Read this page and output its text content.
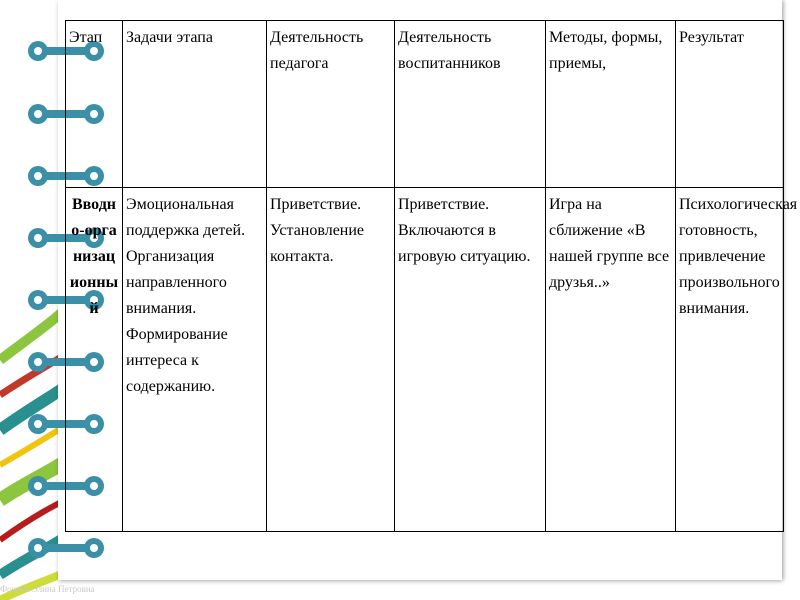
Этап	Задачи этапа	Деятельность педагога	Деятельность воспитанников	Методы, формы, приемы,	Результат
Вводно-организационный	Эмоциональная поддержка детей. Организация направленного внимания. Формирование интереса к содержанию.	Приветствие. Установление контакта.	Приветствие. Включаются в игровую ситуацию.	Игра на сближение «В нашей группе все друзья..»	Психологическая готовность, привлечение произвольного внимания.
Фокина Элина Петровна
